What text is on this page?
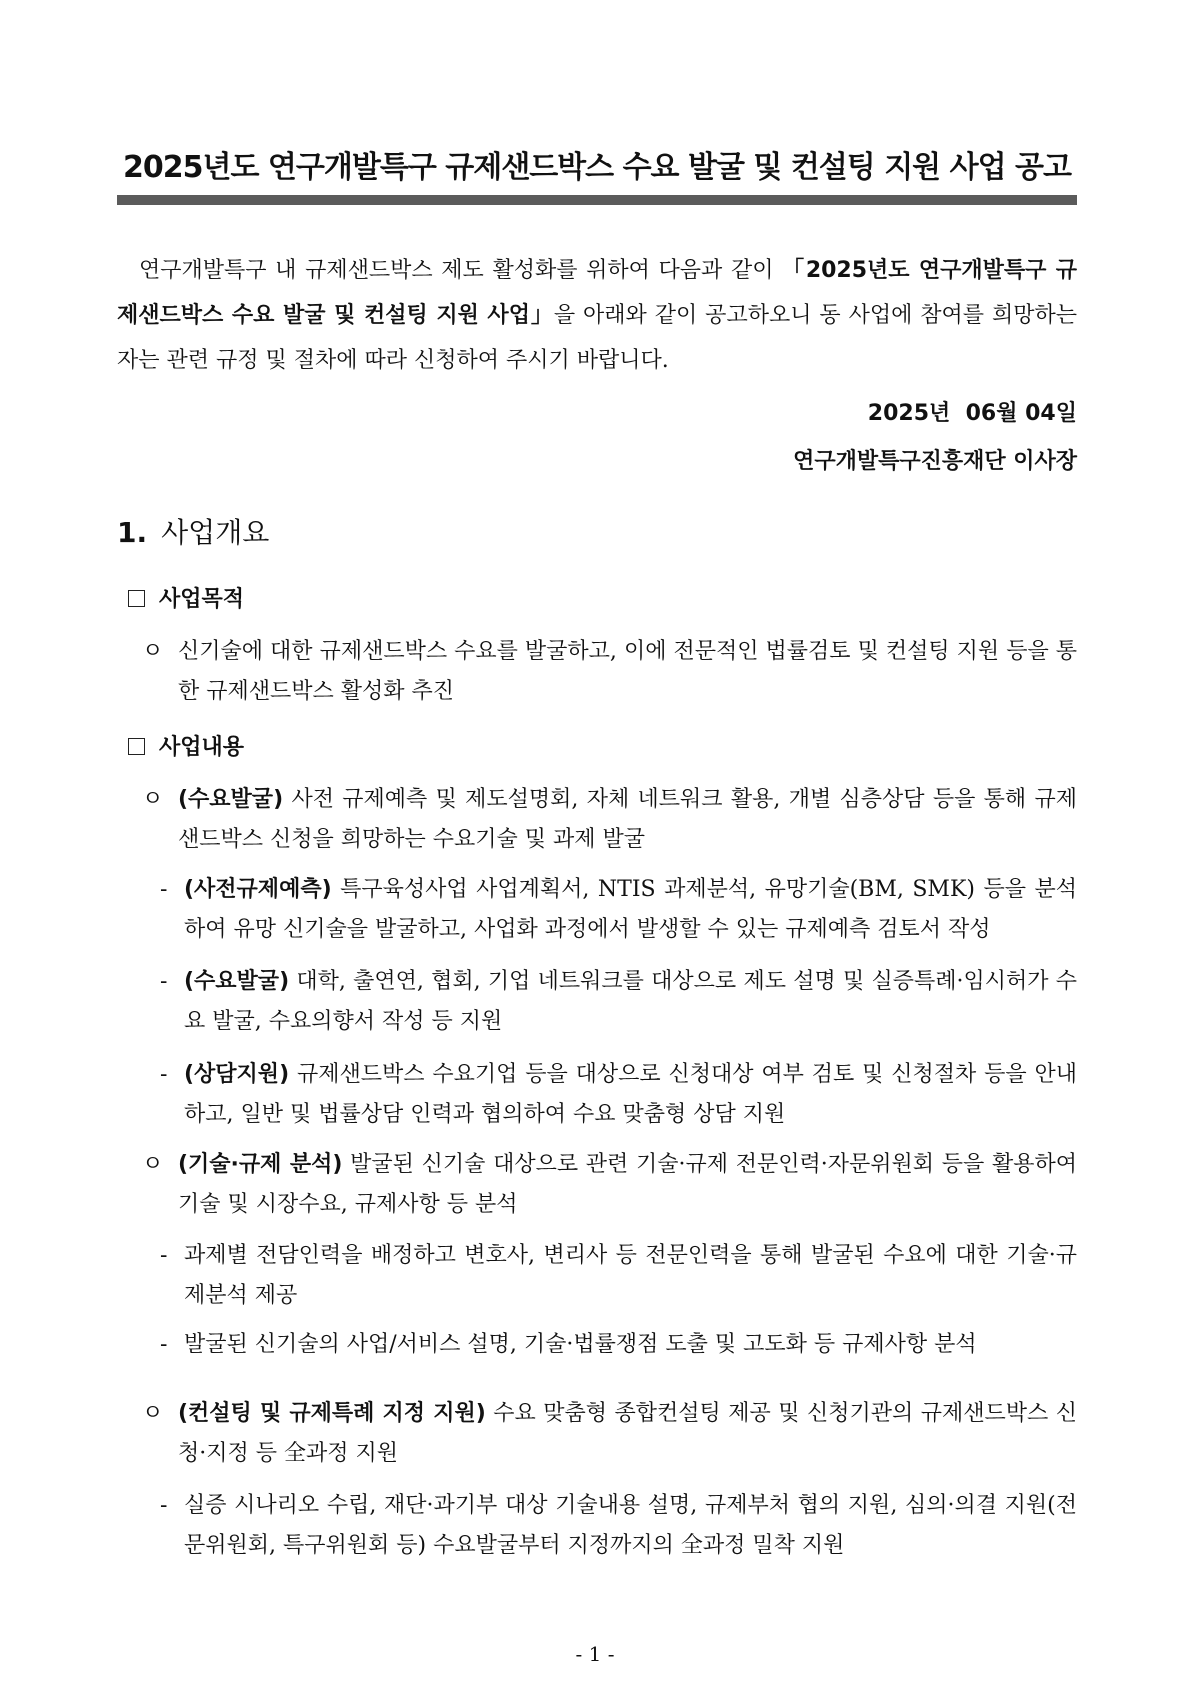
2025년도 연구개발특구 규제샌드박스 수요 발굴 및 컨설팅 지원 사업 공고
연구개발특구 내 규제샌드박스 제도 활성화를 위하여 다음과 같이 「2025년도 연구개발특구 규제샌드박스 수요 발굴 및 컨설팅 지원 사업」을 아래와 같이 공고하오니 동 사업에 참여를 희망하는 자는 관련 규정 및 절차에 따라 신청하여 주시기 바랍니다.
2025년  06월 04일
연구개발특구진흥재단 이사장
1. 사업개요
사업목적
ㅇ 신기술에 대한 규제샌드박스 수요를 발굴하고, 이에 전문적인 법률검토 및 컨설팅 지원 등을 통한 규제샌드박스 활성화 추진
사업내용
ㅇ (수요발굴) 사전 규제예측 및 제도설명회, 자체 네트워크 활용, 개별 심층상담 등을 통해 규제샌드박스 신청을 희망하는 수요기술 및 과제 발굴
- (사전규제예측) 특구육성사업 사업계획서, NTIS 과제분석, 유망기술(BM, SMK) 등을 분석하여 유망 신기술을 발굴하고, 사업화 과정에서 발생할 수 있는 규제예측 검토서 작성
- (수요발굴) 대학, 출연연, 협회, 기업 네트워크를 대상으로 제도 설명 및 실증특례·임시허가 수요 발굴, 수요의향서 작성 등 지원
- (상담지원) 규제샌드박스 수요기업 등을 대상으로 신청대상 여부 검토 및 신청절차 등을 안내하고, 일반 및 법률상담 인력과 협의하여 수요 맞춤형 상담 지원
ㅇ (기술·규제 분석) 발굴된 신기술 대상으로 관련 기술·규제 전문인력·자문위원회 등을 활용하여 기술 및 시장수요, 규제사항 등 분석
- 과제별 전담인력을 배정하고 변호사, 변리사 등 전문인력을 통해 발굴된 수요에 대한 기술·규제분석 제공
- 발굴된 신기술의 사업/서비스 설명, 기술·법률쟁점 도출 및 고도화 등 규제사항 분석
ㅇ (컨설팅 및 규제특례 지정 지원) 수요 맞춤형 종합컨설팅 제공 및 신청기관의 규제샌드박스 신청·지정 등 全과정 지원
- 실증 시나리오 수립, 재단·과기부 대상 기술내용 설명, 규제부처 협의 지원, 심의·의결 지원(전문위원회, 특구위원회 등) 수요발굴부터 지정까지의 全과정 밀착 지원
- 1 -
